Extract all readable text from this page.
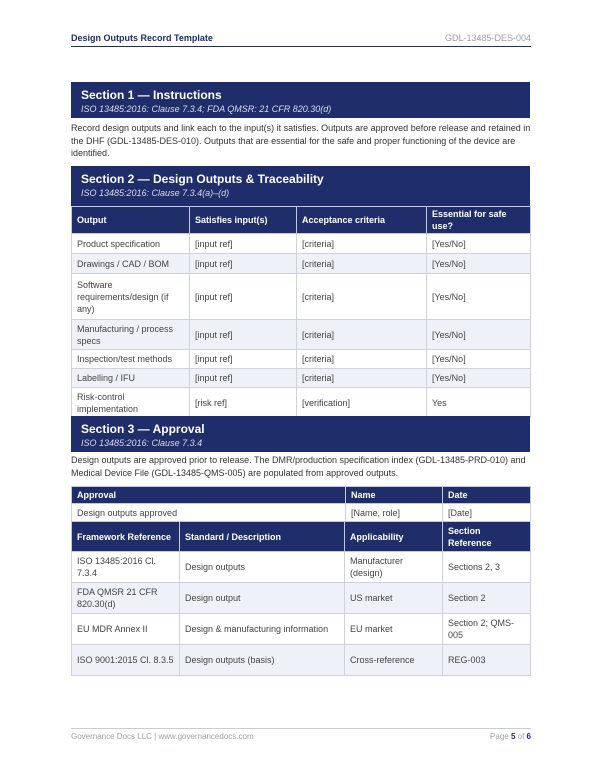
Design Outputs Record Template	GDL-13485-DES-004
Section 1 — Instructions
ISO 13485:2016: Clause 7.3.4; FDA QMSR: 21 CFR 820.30(d)
Record design outputs and link each to the input(s) it satisfies. Outputs are approved before release and retained in the DHF (GDL-13485-DES-010). Outputs that are essential for the safe and proper functioning of the device are identified.
Section 2 — Design Outputs & Traceability
ISO 13485:2016: Clause 7.3.4(a)–(d)
Output	Satisfies input(s)	Acceptance criteria	Essential for safe use?
Product specification	[input ref]	[criteria]	[Yes/No]
Drawings / CAD / BOM	[input ref]	[criteria]	[Yes/No]
Software requirements/design (if any)	[input ref]	[criteria]	[Yes/No]
Manufacturing / process specs	[input ref]	[criteria]	[Yes/No]
Inspection/test methods	[input ref]	[criteria]	[Yes/No]
Labelling / IFU	[input ref]	[criteria]	[Yes/No]
Risk-control implementation	[risk ref]	[verification]	Yes
Section 3 — Approval
ISO 13485:2016: Clause 7.3.4
Design outputs are approved prior to release. The DMR/production specification index (GDL-13485-PRD-010) and Medical Device File (GDL-13485-QMS-005) are populated from approved outputs.
Approval	Name	Date
Design outputs approved	[Name, role]	[Date]
Framework Reference	Standard / Description	Applicability	Section Reference
ISO 13485:2016 Cl. 7.3.4	Design outputs	Manufacturer (design)	Sections 2, 3
FDA QMSR 21 CFR 820.30(d)	Design output	US market	Section 2
EU MDR Annex II	Design & manufacturing information	EU market	Section 2; QMS-005
ISO 9001:2015 Cl. 8.3.5	Design outputs (basis)	Cross-reference	REG-003
Governance Docs LLC | www.governancedocs.com	Page 5 of 6
